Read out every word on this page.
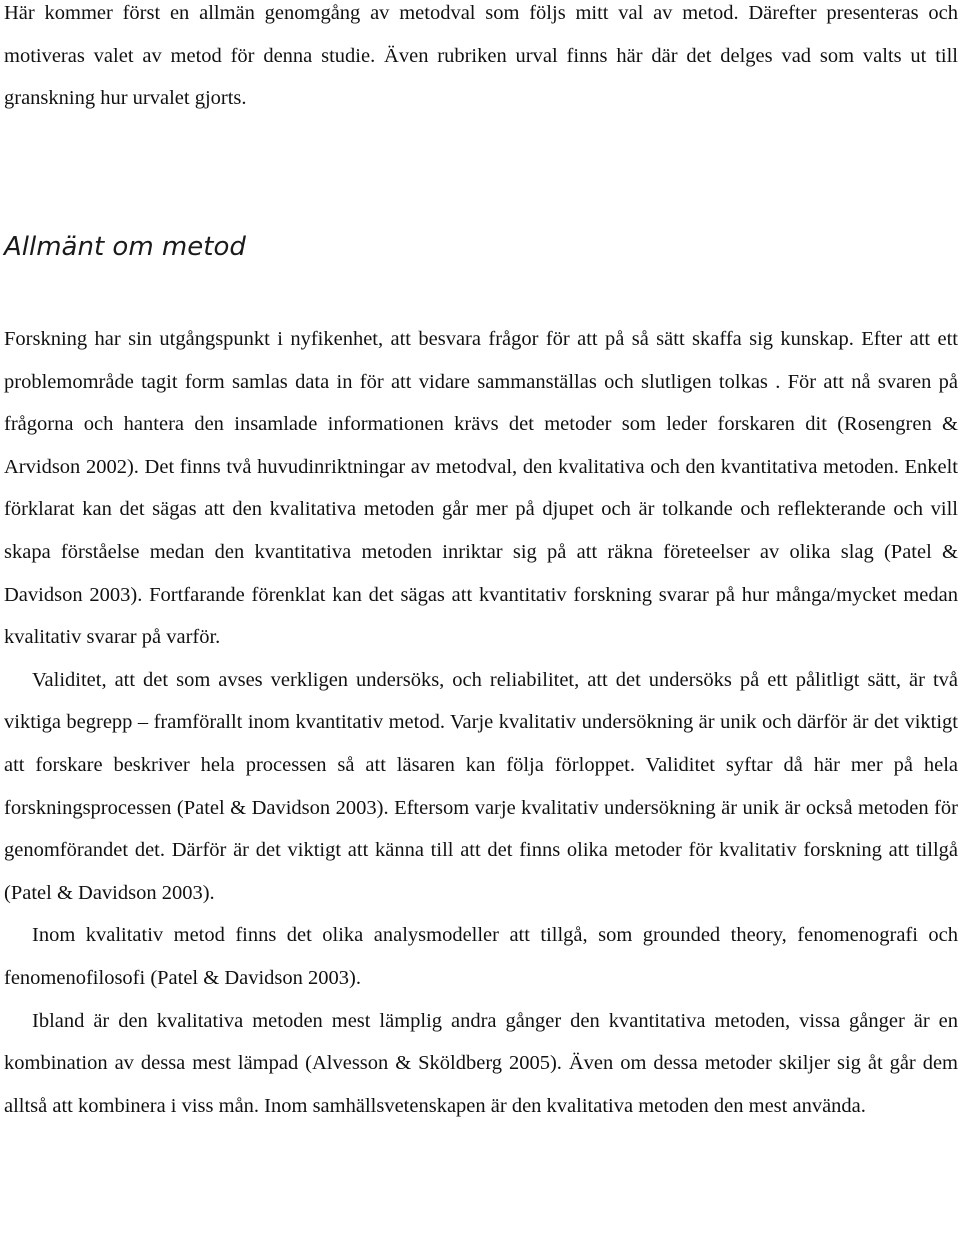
Här kommer först en allmän genomgång av metodval som följs mitt val av metod. Därefter presenteras och motiveras valet av metod för denna studie. Även rubriken urval finns här där det delges vad som valts ut till granskning hur urvalet gjorts.

Allmänt om metod

Forskning har sin utgångspunkt i nyfikenhet, att besvara frågor för att på så sätt skaffa sig kunskap. Efter att ett problemområde tagit form samlas data in för att vidare sammanställas och slutligen tolkas . För att nå svaren på frågorna och hantera den insamlade informationen krävs det metoder som leder forskaren dit (Rosengren & Arvidson 2002). Det finns två huvudinriktningar av metodval, den kvalitativa och den kvantitativa metoden. Enkelt förklarat kan det sägas att den kvalitativa metoden går mer på djupet och är tolkande och reflekterande och vill skapa förståelse medan den kvantitativa metoden inriktar sig på att räkna företeelser av olika slag (Patel & Davidson 2003). Fortfarande förenklat kan det sägas att kvantitativ forskning svarar på hur många/mycket medan kvalitativ svarar på varför.

Validitet, att det som avses verkligen undersöks, och reliabilitet, att det undersöks på ett pålitligt sätt, är två viktiga begrepp – framförallt inom kvantitativ metod. Varje kvalitativ undersökning är unik och därför är det viktigt att forskare beskriver hela processen så att läsaren kan följa förloppet. Validitet syftar då här mer på hela forskningsprocessen (Patel & Davidson 2003). Eftersom varje kvalitativ undersökning är unik är också metoden för genomförandet det. Därför är det viktigt att känna till att det finns olika metoder för kvalitativ forskning att tillgå (Patel & Davidson 2003).

Inom kvalitativ metod finns det olika analysmodeller att tillgå, som grounded theory, fenomenografi och fenomenofilosofi (Patel & Davidson 2003).

Ibland är den kvalitativa metoden mest lämplig andra gånger den kvantitativa metoden, vissa gånger är en kombination av dessa mest lämpad (Alvesson & Sköldberg 2005). Även om dessa metoder skiljer sig åt går dem alltså att kombinera i viss mån. Inom samhällsvetenskapen är den kvalitativa metoden den mest använda.
